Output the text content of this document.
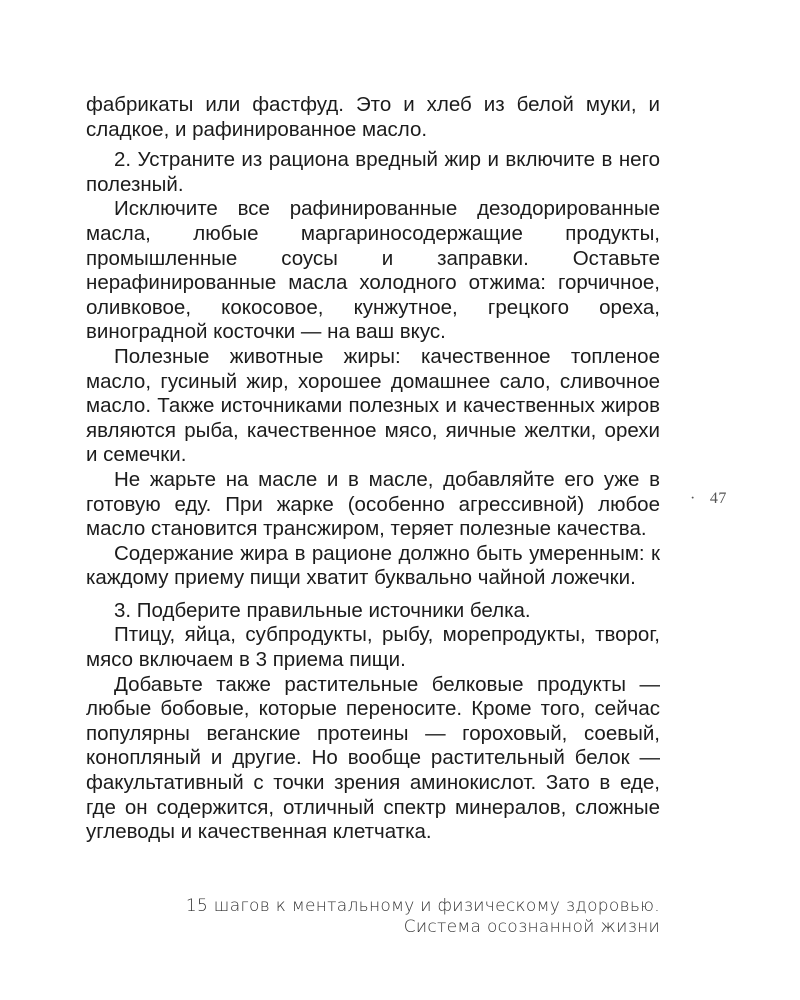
фабрикаты или фастфуд. Это и хлеб из белой муки, и сладкое, и рафинированное масло.

2. Устраните из рациона вредный жир и включите в него полезный.

Исключите все рафинированные дезодорированные масла, любые маргариносодержащие продукты, промышленные соусы и заправки. Оставьте нерафинированные масла холодного отжима: горчичное, оливковое, кокосовое, кунжутное, грецкого ореха, виноградной косточки — на ваш вкус.

Полезные животные жиры: качественное топленое масло, гусиный жир, хорошее домашнее сало, сливочное масло. Также источниками полезных и качественных жиров являются рыба, качественное мясо, яичные желтки, орехи и семечки.

Не жарьте на масле и в масле, добавляйте его уже в готовую еду. При жарке (особенно агрессивной) любое масло становится трансжиром, теряет полезные качества.

Содержание жира в рационе должно быть умеренным: к каждому приему пищи хватит буквально чайной ложечки.

3. Подберите правильные источники белка.

Птицу, яйца, субпродукты, рыбу, морепродукты, творог, мясо включаем в 3 приема пищи.

Добавьте также растительные белковые продукты — любые бобовые, которые переносите. Кроме того, сейчас популярны веганские протеины — гороховый, соевый, конопляный и другие. Но вообще растительный белок — факультативный с точки зрения аминокислот. Зато в еде, где он содержится, отличный спектр минералов, сложные углеводы и качественная клетчатка.

· 47
15 шагов к ментальному и физическому здоровью.
Система осознанной жизни
